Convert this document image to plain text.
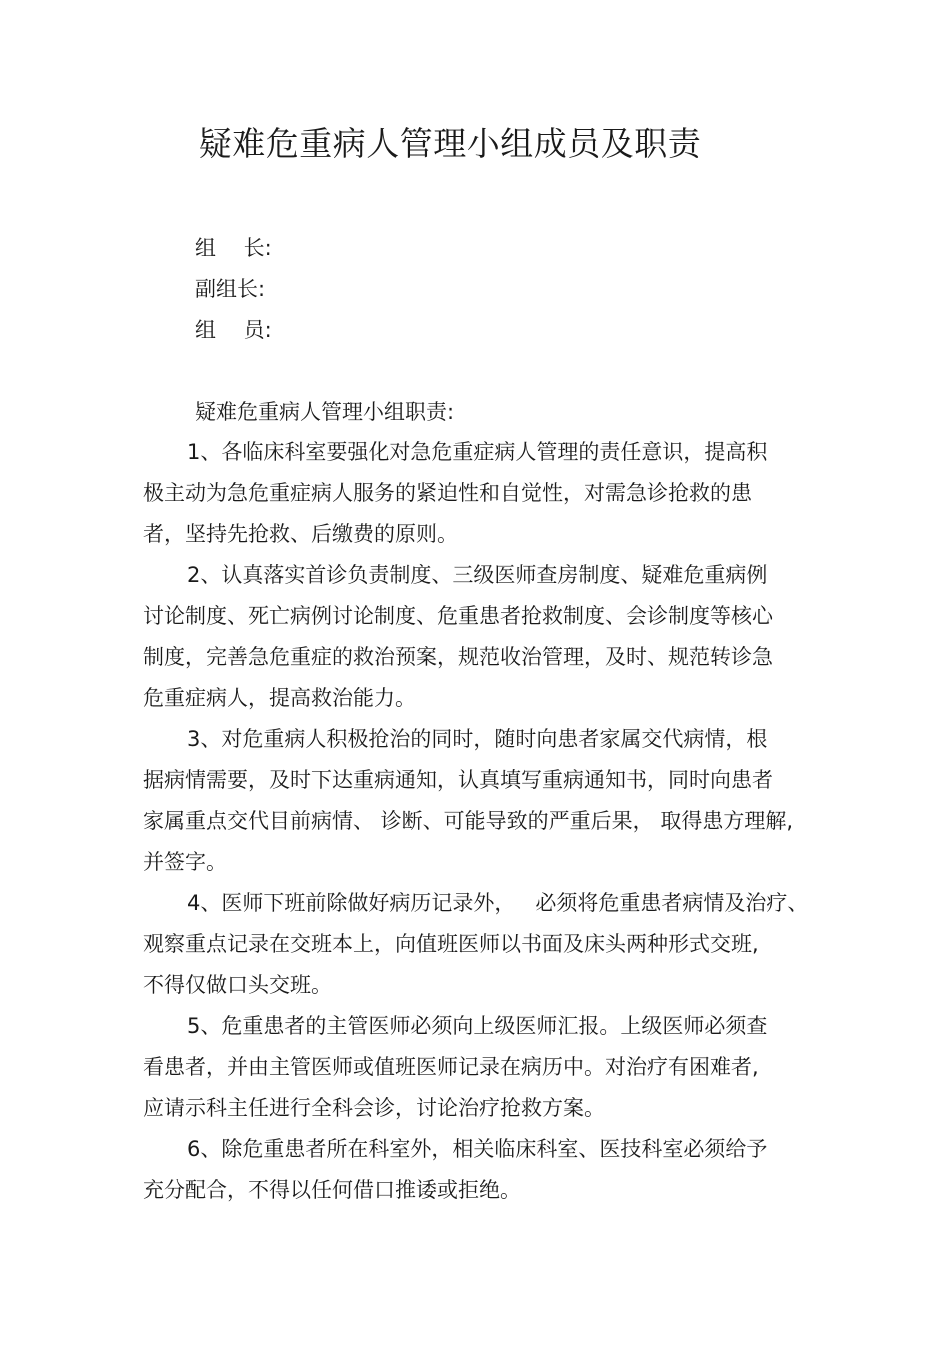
疑难危重病人管理小组成员及职责
组　 长:
副组长:
组　 员:
疑难危重病人管理小组职责:
1、各临床科室要强化对急危重症病人管理的责任意识，提高积
极主动为急危重症病人服务的紧迫性和自觉性，对需急诊抢救的患
者，坚持先抢救、后缴费的原则。
2、认真落实首诊负责制度、三级医师查房制度、疑难危重病例
讨论制度、死亡病例讨论制度、危重患者抢救制度、会诊制度等核心
制度，完善急危重症的救治预案，规范收治管理，及时、规范转诊急
危重症病人，提高救治能力。
3、对危重病人积极抢治的同时，随时向患者家属交代病情，根
据病情需要，及时下达重病通知，认真填写重病通知书，同时向患者
家属重点交代目前病情、 诊断、可能导致的严重后果， 取得患方理解,
并签字。
4、医师下班前除做好病历记录外，   必须将危重患者病情及治疗、
观察重点记录在交班本上，向值班医师以书面及床头两种形式交班,
不得仅做口头交班。
5、危重患者的主管医师必须向上级医师汇报。上级医师必须查
看患者，并由主管医师或值班医师记录在病历中。对治疗有困难者,
应请示科主任进行全科会诊，讨论治疗抢救方案。
6、除危重患者所在科室外，相关临床科室、医技科室必须给予
充分配合，不得以任何借口推诿或拒绝。
